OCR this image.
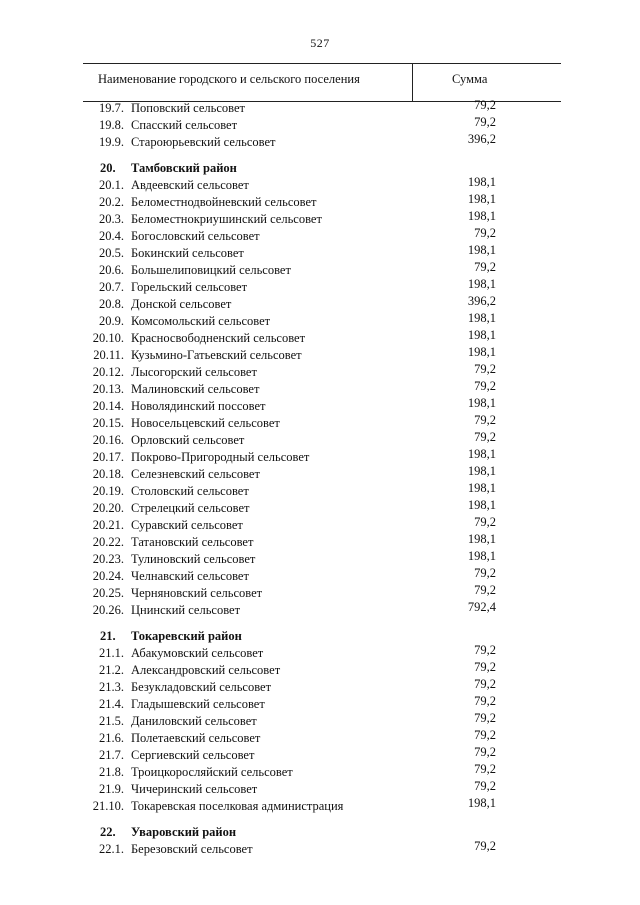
527
Наименование городского и сельского поселения	Сумма
19.7. Поповский сельсовет	79,2
19.8. Спасский сельсовет	79,2
19.9. Староюрьевский сельсовет	396,2
20. Тамбовский район
20.1. Авдеевский сельсовет	198,1
20.2. Беломестнодвойневский сельсовет	198,1
20.3. Беломестнокриушинский сельсовет	198,1
20.4. Богословский сельсовет	79,2
20.5. Бокинский сельсовет	198,1
20.6. Большелиповицкий сельсовет	79,2
20.7. Горельский сельсовет	198,1
20.8. Донской сельсовет	396,2
20.9. Комсомольский сельсовет	198,1
20.10. Красносвободненский сельсовет	198,1
20.11. Кузьмино-Гатьевский сельсовет	198,1
20.12. Лысогорский сельсовет	79,2
20.13. Малиновский сельсовет	79,2
20.14. Новолядинский поссовет	198,1
20.15. Новосельцевский сельсовет	79,2
20.16. Орловский сельсовет	79,2
20.17. Покрово-Пригородный сельсовет	198,1
20.18. Селезневский сельсовет	198,1
20.19. Столовский сельсовет	198,1
20.20. Стрелецкий сельсовет	198,1
20.21. Суравский сельсовет	79,2
20.22. Татановский сельсовет	198,1
20.23. Тулиновский сельсовет	198,1
20.24. Челнавский сельсовет	79,2
20.25. Черняновский сельсовет	79,2
20.26. Цнинский сельсовет	792,4
21. Токаревский район
21.1. Абакумовский сельсовет	79,2
21.2. Александровский сельсовет	79,2
21.3. Безукладовский сельсовет	79,2
21.4. Гладышевский сельсовет	79,2
21.5. Даниловский сельсовет	79,2
21.6. Полетаевский сельсовет	79,2
21.7. Сергиевский сельсовет	79,2
21.8. Троицкоросляйский сельсовет	79,2
21.9. Чичеринский сельсовет	79,2
21.10. Токаревская поселковая администрация	198,1
22. Уваровский район
22.1. Березовский сельсовет	79,2
